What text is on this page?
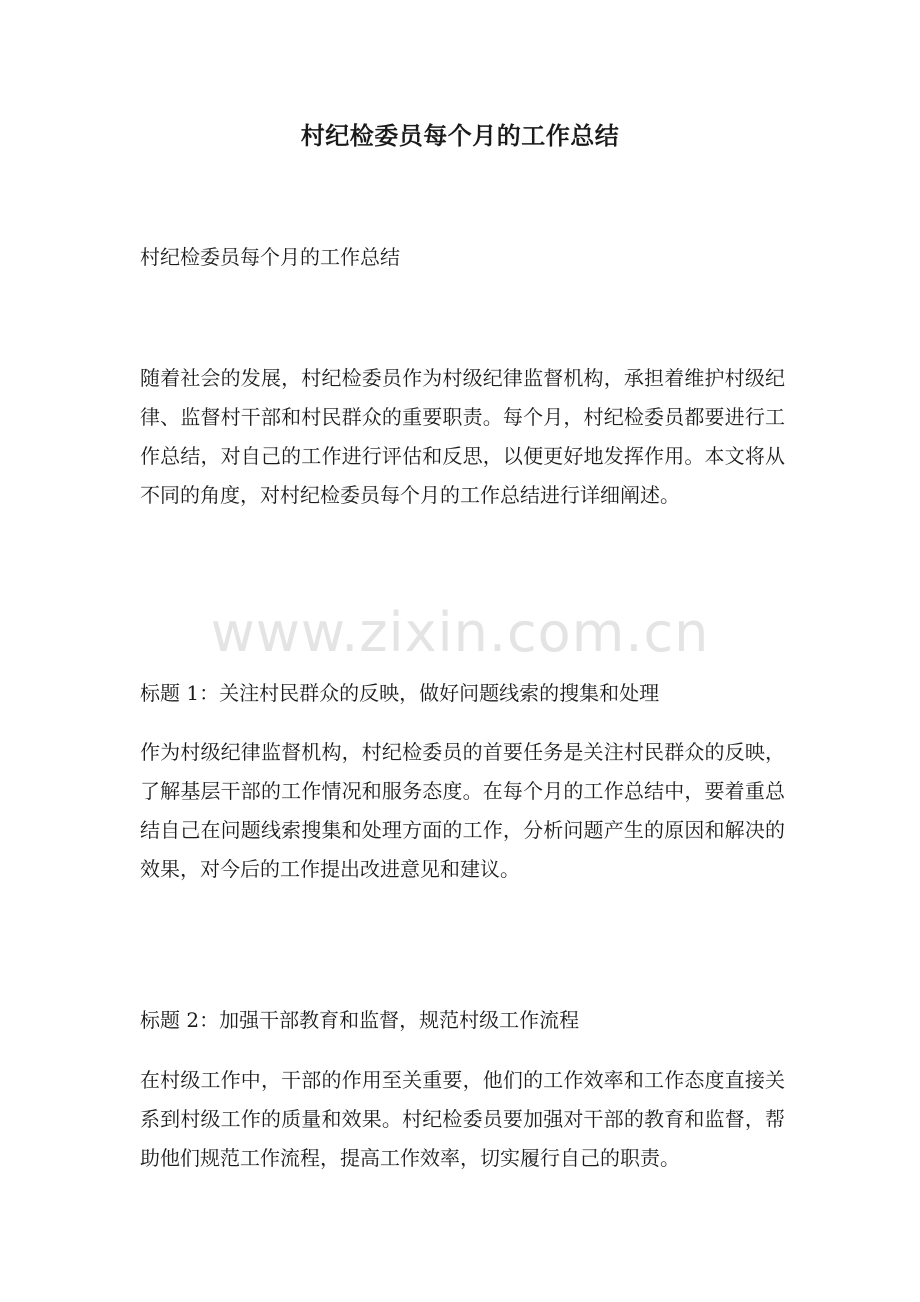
村纪检委员每个月的工作总结
村纪检委员每个月的工作总结

随着社会的发展，村纪检委员作为村级纪律监督机构，承担着维护村级纪律、监督村干部和村民群众的重要职责。每个月，村纪检委员都要进行工作总结，对自己的工作进行评估和反思，以便更好地发挥作用。本文将从不同的角度，对村纪检委员每个月的工作总结进行详细阐述。

www.zixin.com.cn
标题 1：关注村民群众的反映，做好问题线索的搜集和处理

作为村级纪律监督机构，村纪检委员的首要任务是关注村民群众的反映，了解基层干部的工作情况和服务态度。在每个月的工作总结中，要着重总结自己在问题线索搜集和处理方面的工作，分析问题产生的原因和解决的效果，对今后的工作提出改进意见和建议。

标题 2：加强干部教育和监督，规范村级工作流程

在村级工作中，干部的作用至关重要，他们的工作效率和工作态度直接关系到村级工作的质量和效果。村纪检委员要加强对干部的教育和监督，帮助他们规范工作流程，提高工作效率，切实履行自己的职责。
